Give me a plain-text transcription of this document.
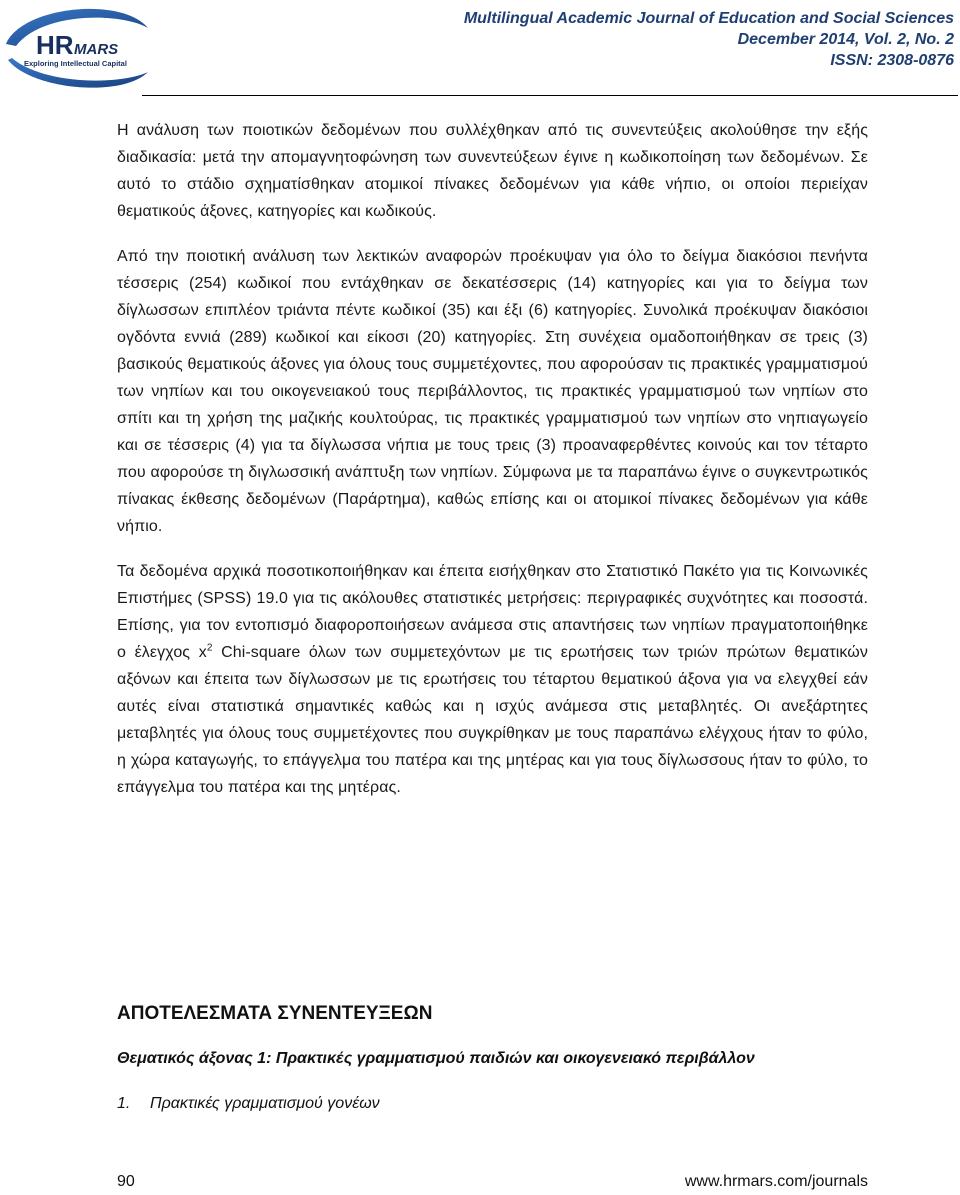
HR MARS
Exploring Intellectual Capital
Multilingual Academic Journal of Education and Social Sciences
December 2014, Vol. 2, No. 2
ISSN: 2308-0876

Η ανάλυση των ποιοτικών δεδομένων που συλλέχθηκαν από τις συνεντεύξεις ακολούθησε την εξής διαδικασία: μετά την απομαγνητοφώνηση των συνεντεύξεων έγινε η κωδικοποίηση των δεδομένων. Σε αυτό το στάδιο σχηματίσθηκαν ατομικοί πίνακες δεδομένων για κάθε νήπιο, οι οποίοι περιείχαν θεματικούς άξονες, κατηγορίες και κωδικούς.

Από την ποιοτική ανάλυση των λεκτικών αναφορών προέκυψαν για όλο το δείγμα διακόσιοι πενήντα τέσσερις (254) κωδικοί που εντάχθηκαν σε δεκατέσσερις (14) κατηγορίες και για το δείγμα των δίγλωσσων επιπλέον τριάντα πέντε κωδικοί (35) και έξι (6) κατηγορίες. Συνολικά προέκυψαν διακόσιοι ογδόντα εννιά (289) κωδικοί και είκοσι (20) κατηγορίες. Στη συνέχεια ομαδοποιήθηκαν σε τρεις (3) βασικούς θεματικούς άξονες για όλους τους συμμετέχοντες, που αφορούσαν τις πρακτικές γραμματισμού των νηπίων και του οικογενειακού τους περιβάλλοντος, τις πρακτικές γραμματισμού των νηπίων στο σπίτι και τη χρήση της μαζικής κουλτούρας, τις πρακτικές γραμματισμού των νηπίων στο νηπιαγωγείο και σε τέσσερις (4) για τα δίγλωσσα νήπια με τους τρεις (3) προαναφερθέντες κοινούς και τον τέταρτο που αφορούσε τη διγλωσσική ανάπτυξη των νηπίων. Σύμφωνα με τα παραπάνω έγινε ο συγκεντρωτικός πίνακας έκθεσης δεδομένων (Παράρτημα), καθώς επίσης και οι ατομικοί πίνακες δεδομένων για κάθε νήπιο.

Τα δεδομένα αρχικά ποσοτικοποιήθηκαν και έπειτα εισήχθηκαν στο Στατιστικό Πακέτο για τις Κοινωνικές Επιστήμες (SPSS) 19.0 για τις ακόλουθες στατιστικές μετρήσεις: περιγραφικές συχνότητες και ποσοστά. Επίσης, για τον εντοπισμό διαφοροποιήσεων ανάμεσα στις απαντήσεις των νηπίων πραγματοποιήθηκε ο έλεγχος $x^2$ Chi-square όλων των συμμετεχόντων με τις ερωτήσεις των τριών πρώτων θεματικών αξόνων και έπειτα των δίγλωσσων με τις ερωτήσεις του τέταρτου θεματικού άξονα για να ελεγχθεί εάν αυτές είναι στατιστικά σημαντικές καθώς και η ισχύς ανάμεσα στις μεταβλητές. Οι ανεξάρτητες μεταβλητές για όλους τους συμμετέχοντες που συγκρίθηκαν με τους παραπάνω ελέγχους ήταν το φύλο, η χώρα καταγωγής, το επάγγελμα του πατέρα και της μητέρας και για τους δίγλωσσους ήταν το φύλο, το επάγγελμα του πατέρα και της μητέρας.

ΑΠΟΤΕΛΕΣΜΑΤΑ ΣΥΝΕΝΤΕΥΞΕΩΝ
Θεματικός άξονας 1: Πρακτικές γραμματισμού παιδιών και οικογενειακό περιβάλλον
1. Πρακτικές γραμματισμού γονέων
90	www.hrmars.com/journals
